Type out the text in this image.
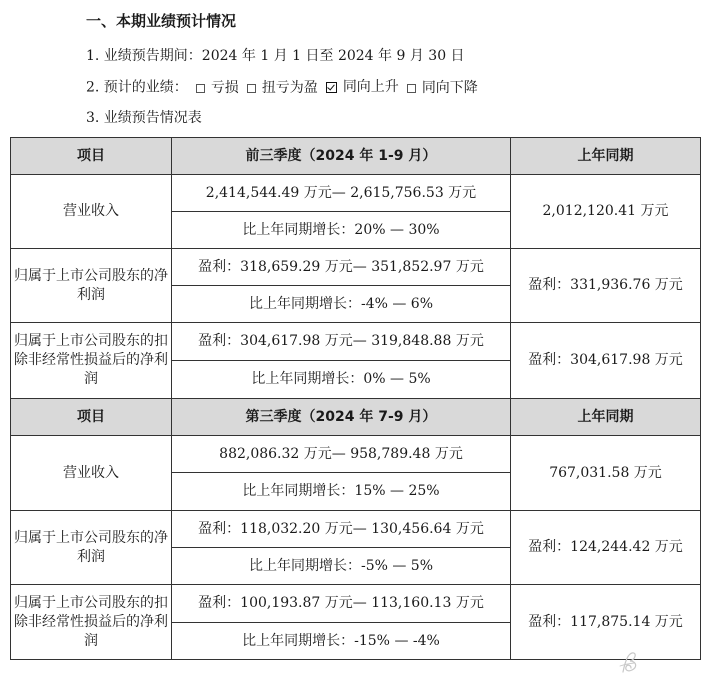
一、本期业绩预计情况
1. 业绩预告期间：2024 年 1 月 1 日至 2024 年 9 月 30 日
2. 预计的业绩： 亏损 扭亏为盈 同向上升 同向下降
3. 业绩预告情况表
项目	前三季度（2024 年 1-9 月）	上年同期
营业收入	2,414,544.49 万元— 2,615,756.53 万元	2,012,120.41 万元
	比上年同期增长：20% — 30%	
归属于上市公司股东的净利润	盈利：318,659.29 万元— 351,852.97 万元	盈利：331,936.76 万元
	比上年同期增长：-4% — 6%	
归属于上市公司股东的扣除非经常性损益后的净利润	盈利：304,617.98 万元— 319,848.88 万元	盈利：304,617.98 万元
	比上年同期增长：0% — 5%	
项目	第三季度（2024 年 7-9 月）	上年同期
营业收入	882,086.32 万元— 958,789.48 万元	767,031.58 万元
	比上年同期增长：15% — 25%	
归属于上市公司股东的净利润	盈利：118,032.20 万元— 130,456.64 万元	盈利：124,244.42 万元
	比上年同期增长：-5% — 5%	
归属于上市公司股东的扣除非经常性损益后的净利润	盈利：100,193.87 万元— 113,160.13 万元	盈利：117,875.14 万元
	比上年同期增长：-15% — -4%	
